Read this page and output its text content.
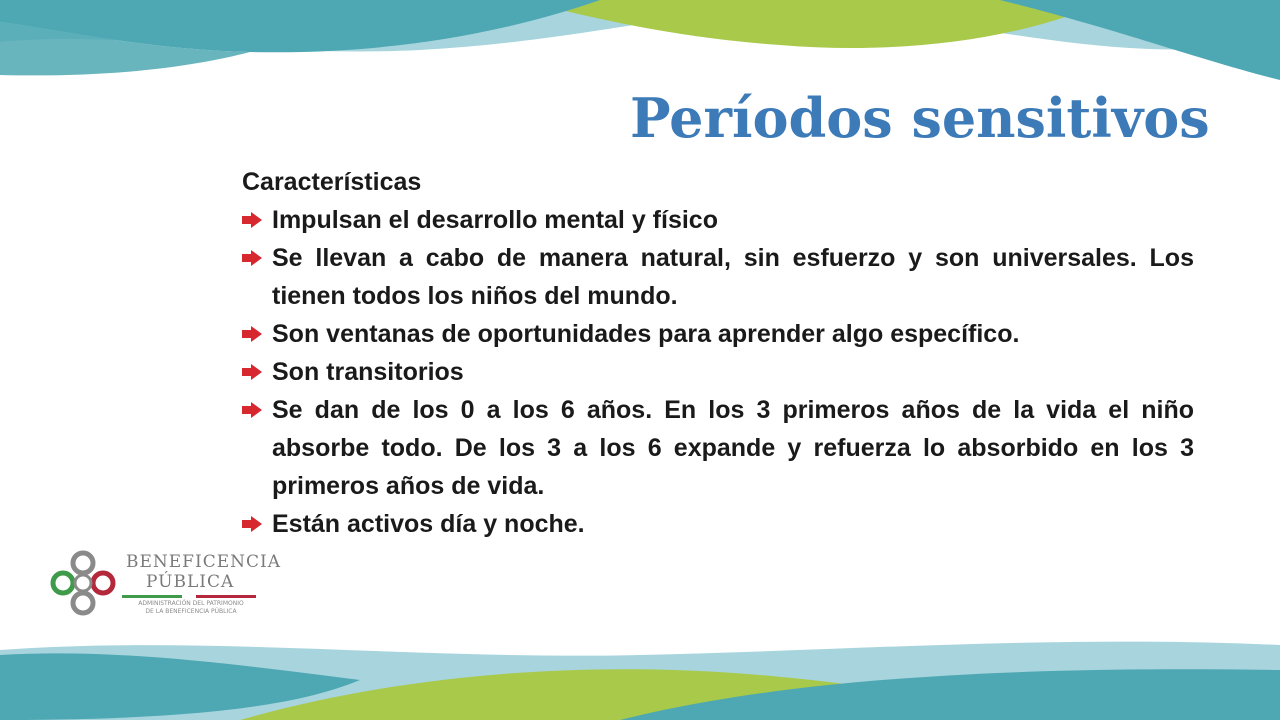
Períodos sensitivos

Características

Impulsan el desarrollo mental y físico
Se llevan a cabo de manera natural, sin esfuerzo y son universales. Los tienen todos los niños del mundo.
Son ventanas de oportunidades para aprender algo específico.
Son transitorios
Se dan de los 0 a los 6 años. En los 3 primeros años de la vida el niño absorbe todo. De los 3 a los 6 expande y refuerza lo absorbido en los 3 primeros años de vida.
Están activos día y noche.
BENEFICENCIA
PÚBLICA
ADMINISTRACIÓN DEL PATRIMONIO
DE LA BENEFICENCIA PÚBLICA
